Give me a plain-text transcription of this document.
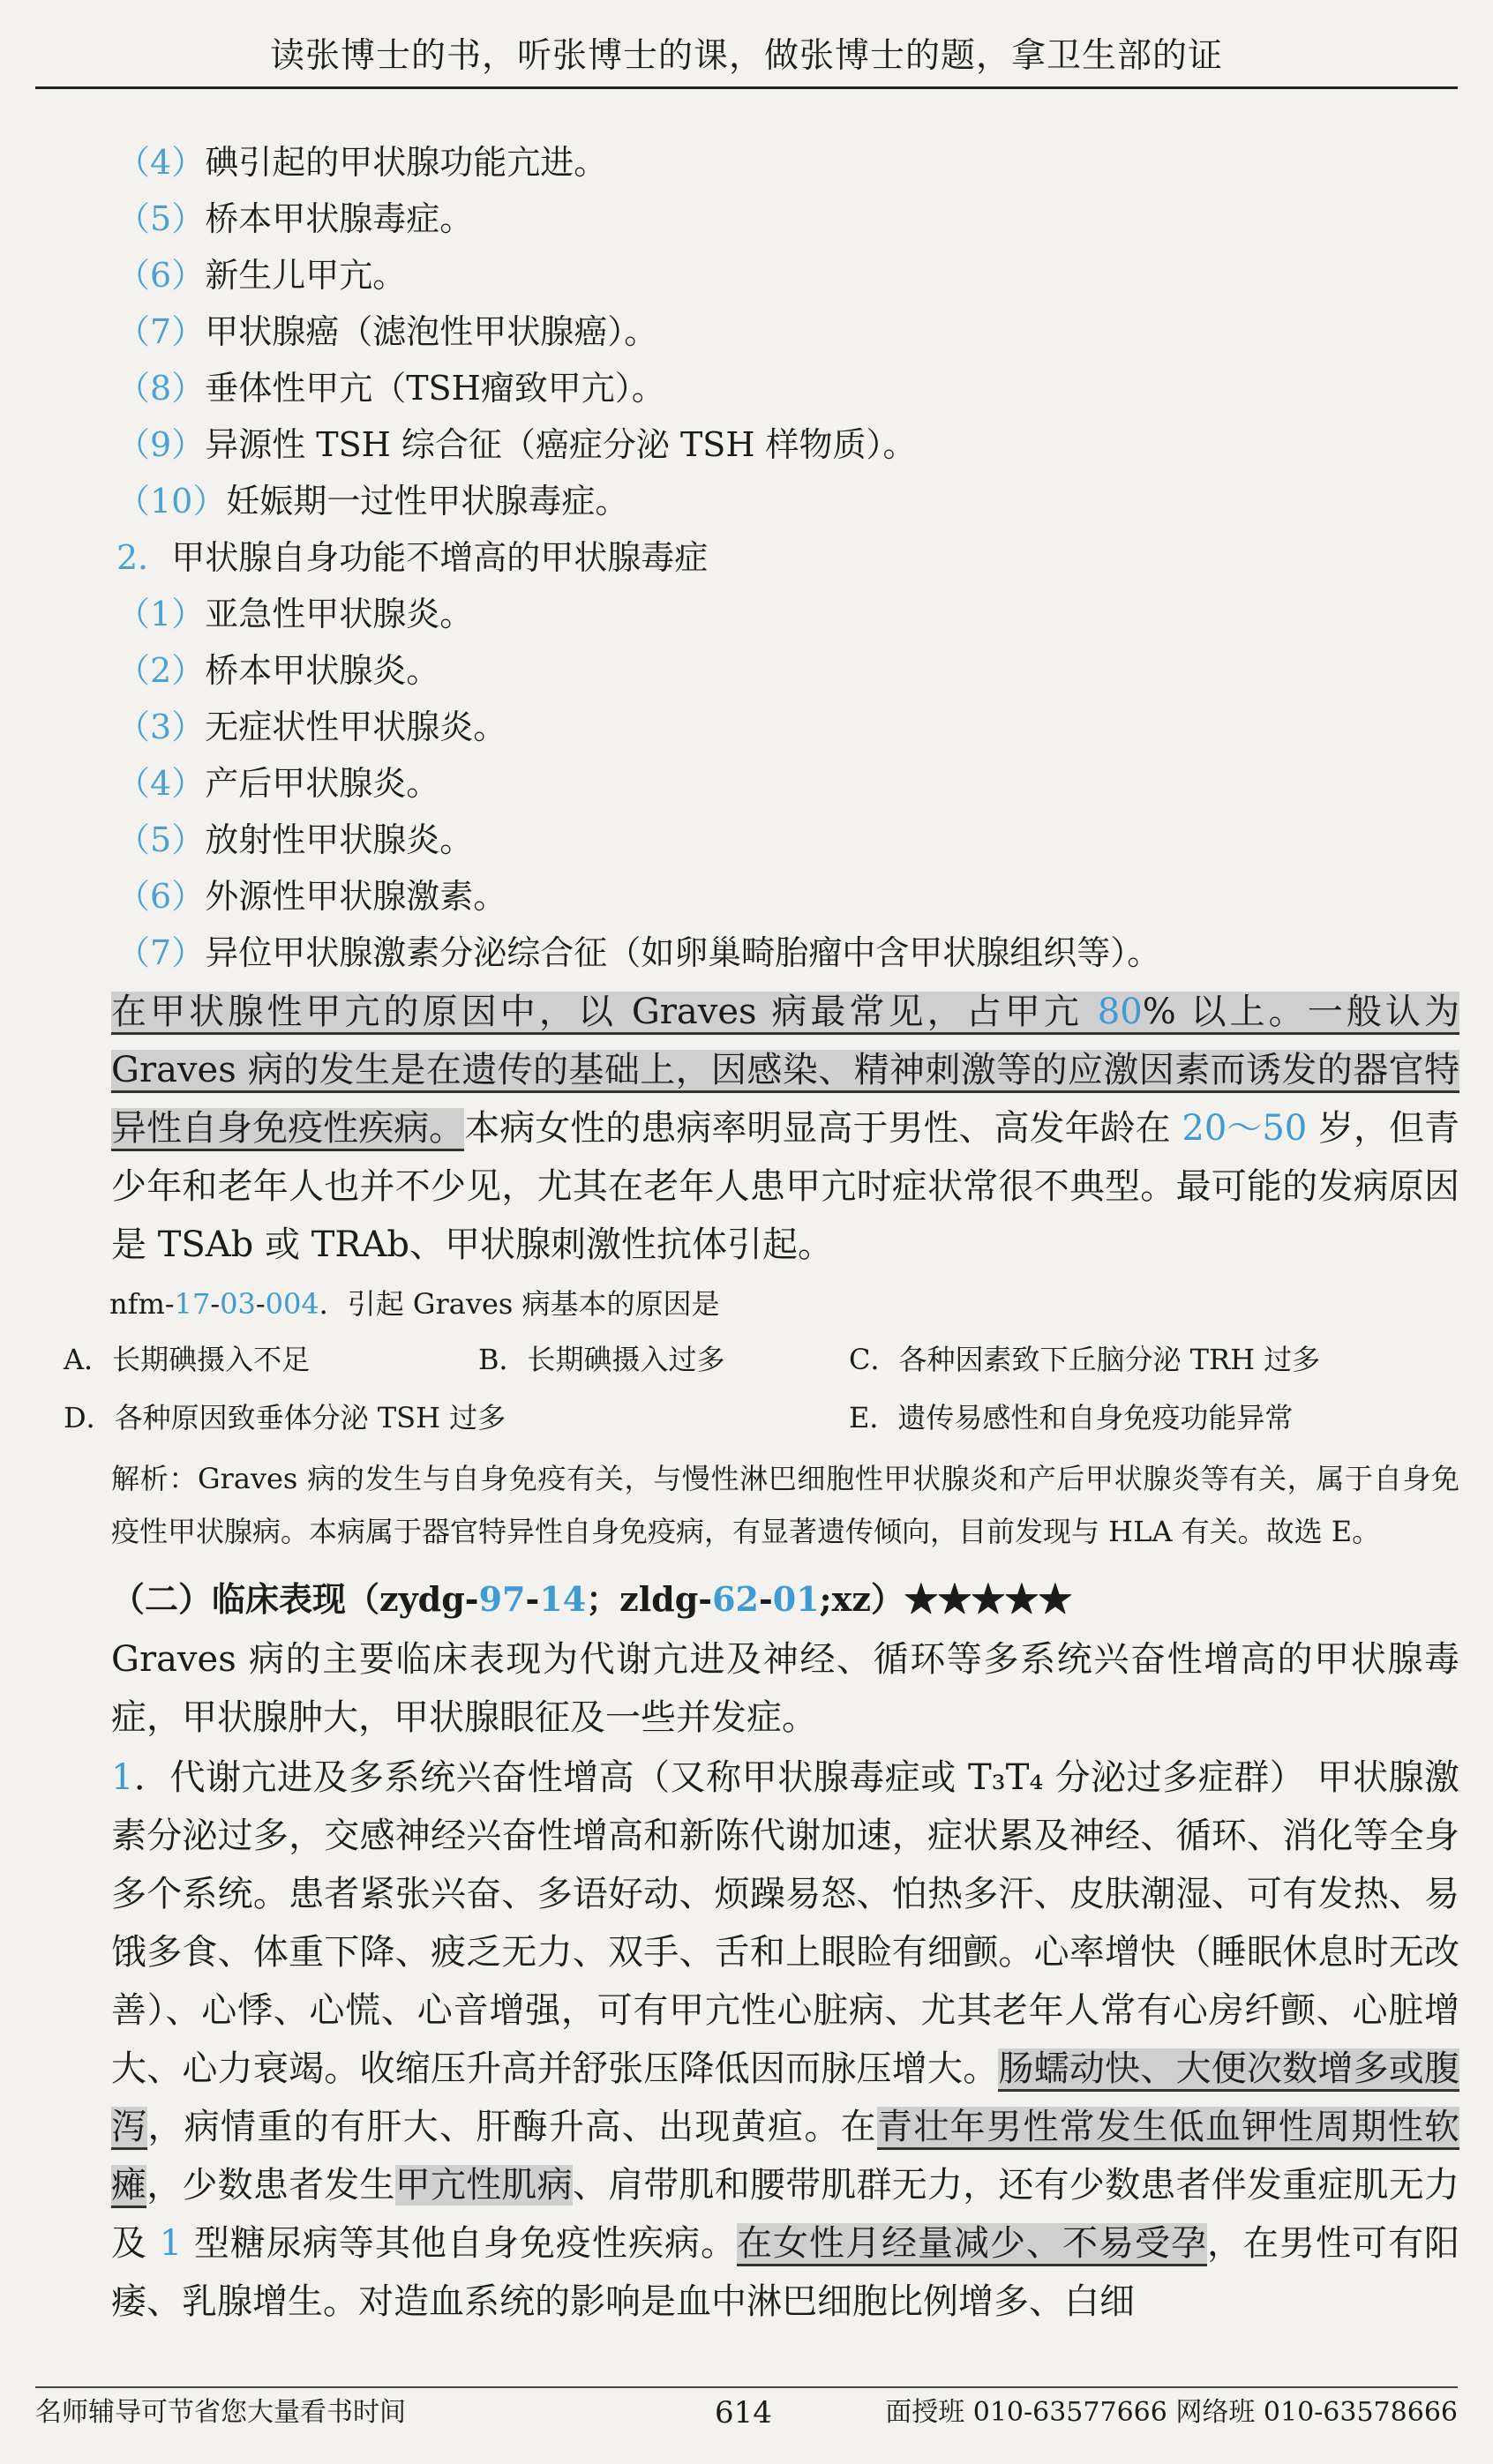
读张博士的书，听张博士的课，做张博士的题，拿卫生部的证
（4）碘引起的甲状腺功能亢进。
（5）桥本甲状腺毒症。
（6）新生儿甲亢。
（7）甲状腺癌（滤泡性甲状腺癌）。
（8）垂体性甲亢（TSH瘤致甲亢）。
（9）异源性 TSH 综合征（癌症分泌 TSH 样物质）。
（10）妊娠期一过性甲状腺毒症。
2．甲状腺自身功能不增高的甲状腺毒症
（1）亚急性甲状腺炎。
（2）桥本甲状腺炎。
（3）无症状性甲状腺炎。
（4）产后甲状腺炎。
（5）放射性甲状腺炎。
（6）外源性甲状腺激素。
（7）异位甲状腺激素分泌综合征（如卵巢畸胎瘤中含甲状腺组织等）。
在甲状腺性甲亢的原因中，以 Graves 病最常见，占甲亢 80% 以上。一般认为 Graves 病的发生是在遗传的基础上，因感染、精神刺激等的应激因素而诱发的器官特异性自身免疫性疾病。本病女性的患病率明显高于男性、高发年龄在 20～50 岁，但青少年和老年人也并不少见，尤其在老年人患甲亢时症状常很不典型。最可能的发病原因是 TSAb 或 TRAb、甲状腺刺激性抗体引起。
nfm-17-03-004．引起 Graves 病基本的原因是
A．长期碘摄入不足	B．长期碘摄入过多	C．各种因素致下丘脑分泌 TRH 过多
D．各种原因致垂体分泌 TSH 过多	E．遗传易感性和自身免疫功能异常
解析：Graves 病的发生与自身免疫有关，与慢性淋巴细胞性甲状腺炎和产后甲状腺炎等有关，属于自身免疫性甲状腺病。本病属于器官特异性自身免疫病，有显著遗传倾向，目前发现与 HLA 有关。故选 E。
（二）临床表现（zydg-97-14；zldg-62-01;xz）★★★★★
Graves 病的主要临床表现为代谢亢进及神经、循环等多系统兴奋性增高的甲状腺毒症，甲状腺肿大，甲状腺眼征及一些并发症。
1．代谢亢进及多系统兴奋性增高（又称甲状腺毒症或 T₃T₄ 分泌过多症群） 甲状腺激素分泌过多，交感神经兴奋性增高和新陈代谢加速，症状累及神经、循环、消化等全身多个系统。患者紧张兴奋、多语好动、烦躁易怒、怕热多汗、皮肤潮湿、可有发热、易饿多食、体重下降、疲乏无力、双手、舌和上眼睑有细颤。心率增快（睡眠休息时无改善）、心悸、心慌、心音增强，可有甲亢性心脏病、尤其老年人常有心房纤颤、心脏增大、心力衰竭。收缩压升高并舒张压降低因而脉压增大。肠蠕动快、大便次数增多或腹泻，病情重的有肝大、肝酶升高、出现黄疸。在青壮年男性常发生低血钾性周期性软瘫，少数患者发生甲亢性肌病、肩带肌和腰带肌群无力，还有少数患者伴发重症肌无力及 1 型糖尿病等其他自身免疫性疾病。在女性月经量减少、不易受孕，在男性可有阳痿、乳腺增生。对造血系统的影响是血中淋巴细胞比例增多、白细
名师辅导可节省您大量看书时间	614	面授班 010-63577666 网络班 010-63578666
